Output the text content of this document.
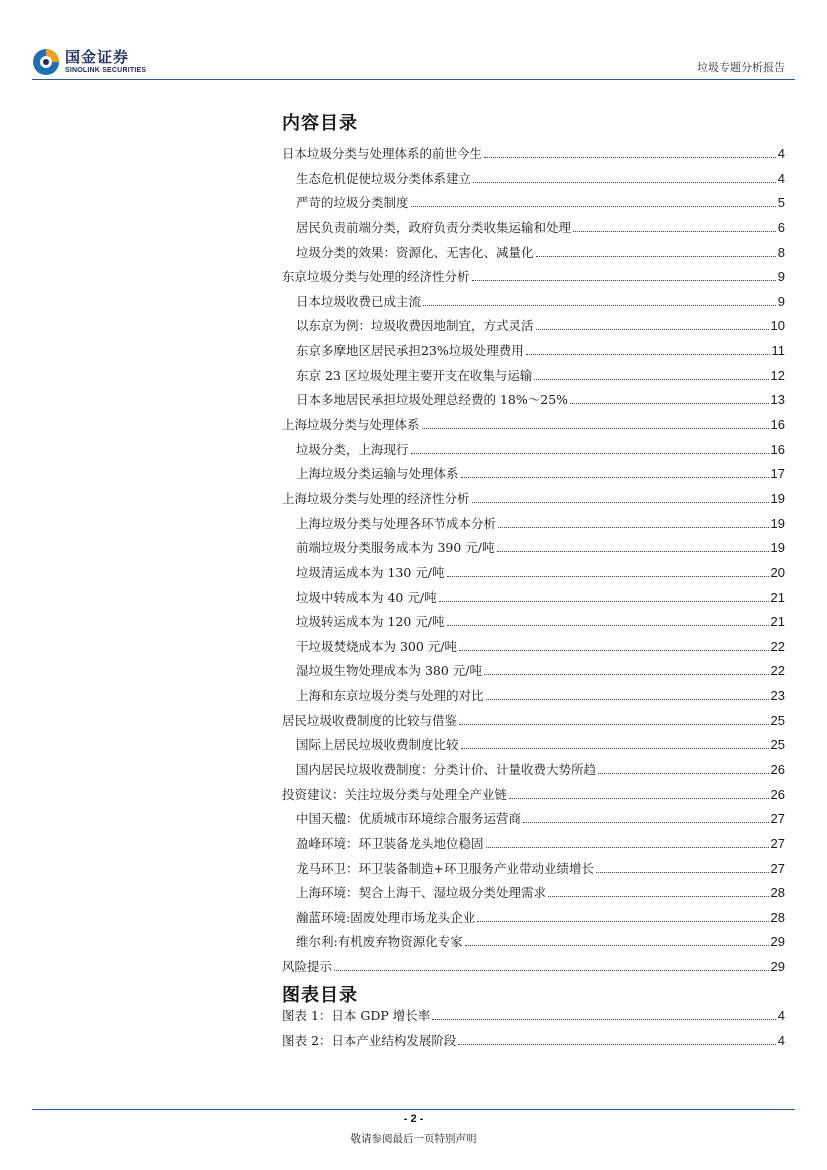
国金证券
SINOLINK SECURITIES	垃圾专题分析报告
内容目录
日本垃圾分类与处理体系的前世今生	4
生态危机促使垃圾分类体系建立	4
严苛的垃圾分类制度	5
居民负责前端分类，政府负责分类收集运输和处理	6
垃圾分类的效果：资源化、无害化、减量化	8
东京垃圾分类与处理的经济性分析	9
日本垃圾收费已成主流	9
以东京为例：垃圾收费因地制宜，方式灵活	10
东京多摩地区居民承担23%垃圾处理费用	11
东京 23 区垃圾处理主要开支在收集与运输	12
日本多地居民承担垃圾处理总经费的 18%～25%	13
上海垃圾分类与处理体系	16
垃圾分类，上海现行	16
上海垃圾分类运输与处理体系	17
上海垃圾分类与处理的经济性分析	19
上海垃圾分类与处理各环节成本分析	19
前端垃圾分类服务成本为 390 元/吨	19
垃圾清运成本为 130 元/吨	20
垃圾中转成本为 40 元/吨	21
垃圾转运成本为 120 元/吨	21
干垃圾焚烧成本为 300 元/吨	22
湿垃圾生物处理成本为 380 元/吨	22
上海和东京垃圾分类与处理的对比	23
居民垃圾收费制度的比较与借鉴	25
国际上居民垃圾收费制度比较	25
国内居民垃圾收费制度：分类计价、计量收费大势所趋	26
投资建议：关注垃圾分类与处理全产业链	26
中国天楹：优质城市环境综合服务运营商	27
盈峰环境：环卫装备龙头地位稳固	27
龙马环卫：环卫装备制造+环卫服务产业带动业绩增长	27
上海环境：契合上海干、湿垃圾分类处理需求	28
瀚蓝环境:固废处理市场龙头企业	28
维尔利:有机废弃物资源化专家	29
风险提示	29
图表目录
图表 1：日本 GDP 增长率	4
图表 2：日本产业结构发展阶段	4
- 2 -
敬请参阅最后一页特别声明
